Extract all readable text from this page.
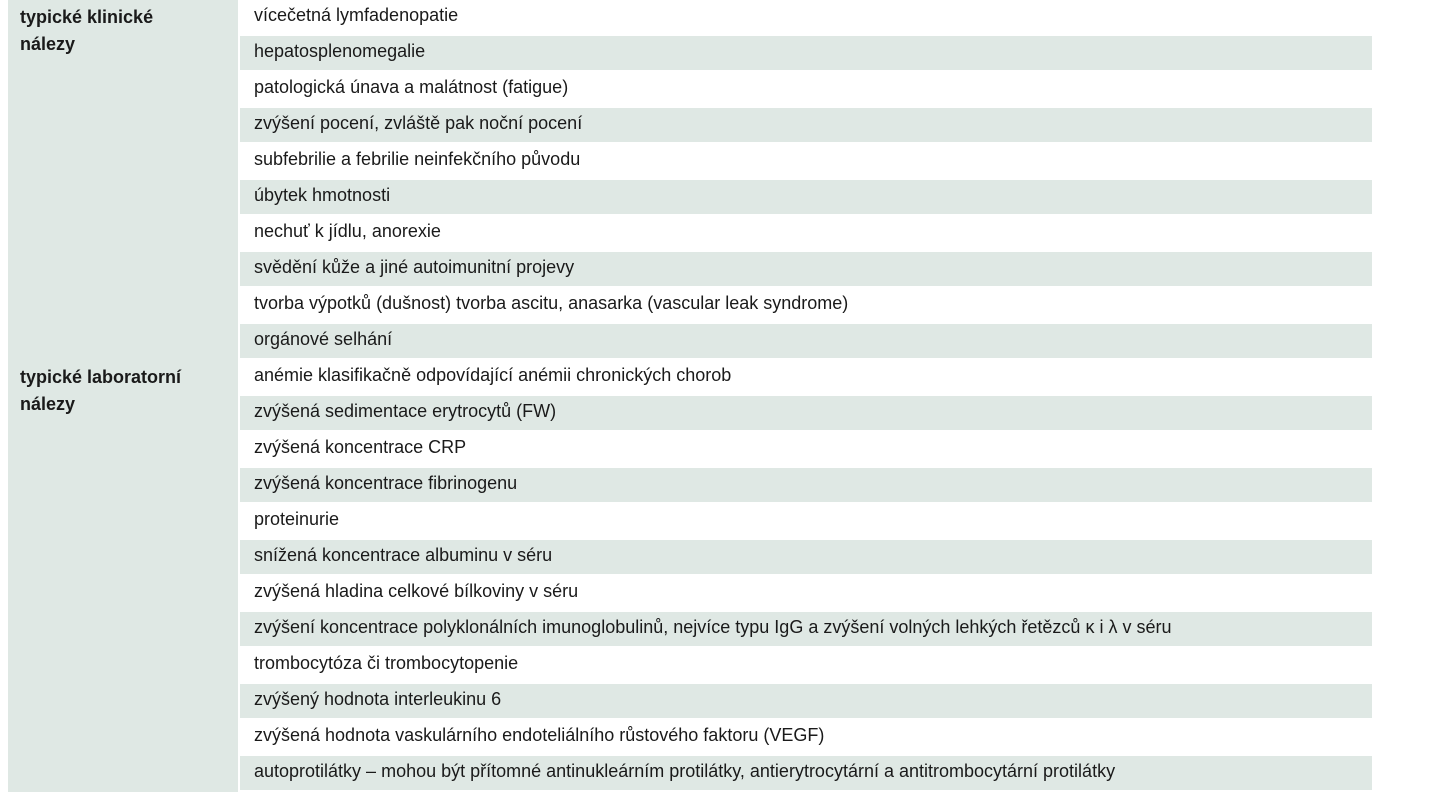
typické klinické
nálezy
vícečetná lymfadenopatie
hepatosplenomegalie
patologická únava a malátnost (fatigue)
zvýšení pocení, zvláště pak noční pocení
subfebrilie a febrilie neinfekčního původu
úbytek hmotnosti
nechuť k jídlu, anorexie
svědění kůže a jiné autoimunitní projevy
tvorba výpotků (dušnost) tvorba ascitu, anasarka (vascular leak syndrome)
orgánové selhání
typické laboratorní
nálezy
anémie klasifikačně odpovídající anémii chronických chorob
zvýšená sedimentace erytrocytů (FW)
zvýšená koncentrace CRP
zvýšená koncentrace fibrinogenu
proteinurie
snížená koncentrace albuminu v séru
zvýšená hladina celkové bílkoviny v séru
zvýšení koncentrace polyklonálních imunoglobulinů, nejvíce typu IgG a zvýšení volných lehkých řetězců κ i λ v séru
trombocytóza či trombocytopenie
zvýšený hodnota interleukinu 6
zvýšená hodnota vaskulárního endoteliálního růstového faktoru (VEGF)
autoprotilátky – mohou být přítomné antinukleárním protilátky, antierytrocytární a antitrombocytární protilátky
